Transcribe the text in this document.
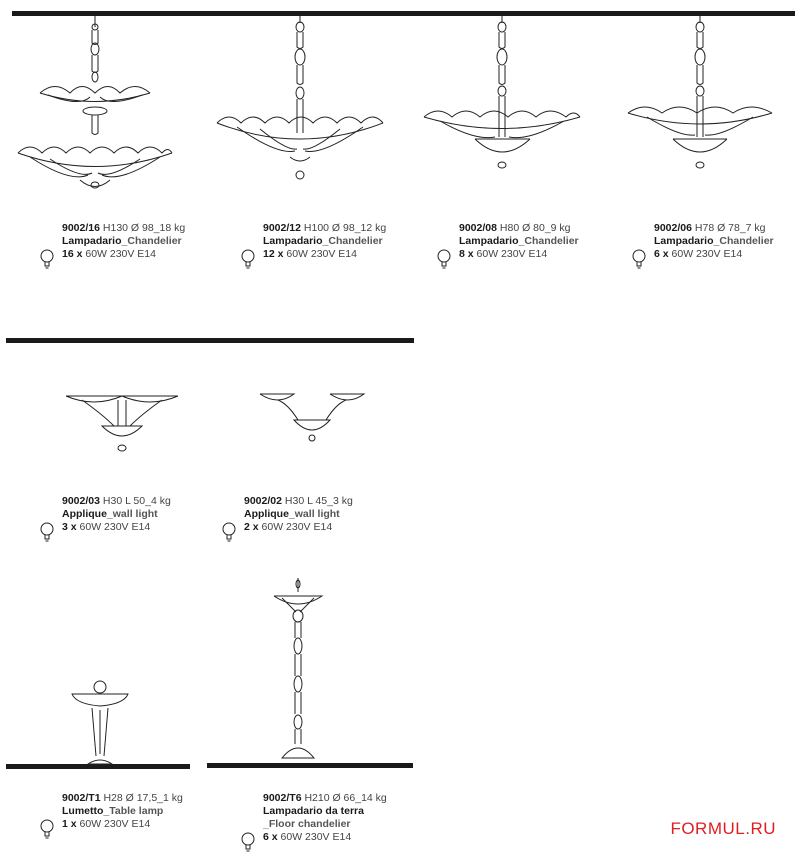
9002/16 H130 Ø 98_18 kg
Lampadario_Chandelier
16 x 60W 230V E14
9002/12 H100 Ø 98_12 kg
Lampadario_Chandelier
12 x 60W 230V E14
9002/08 H80 Ø 80_9 kg
Lampadario_Chandelier
8 x 60W 230V E14
9002/06 H78 Ø 78_7 kg
Lampadario_Chandelier
6 x 60W 230V E14
9002/03 H30 L 50_4 kg
Applique_wall light
3 x 60W 230V E14
9002/02 H30 L 45_3 kg
Applique_wall light
2 x 60W 230V E14
9002/T1 H28 Ø 17,5_1 kg
Lumetto_Table lamp
1 x 60W 230V E14
9002/T6 H210 Ø 66_14 kg
Lampadario da terra
_Floor chandelier
6 x 60W 230V E14	FORMUL.RU
